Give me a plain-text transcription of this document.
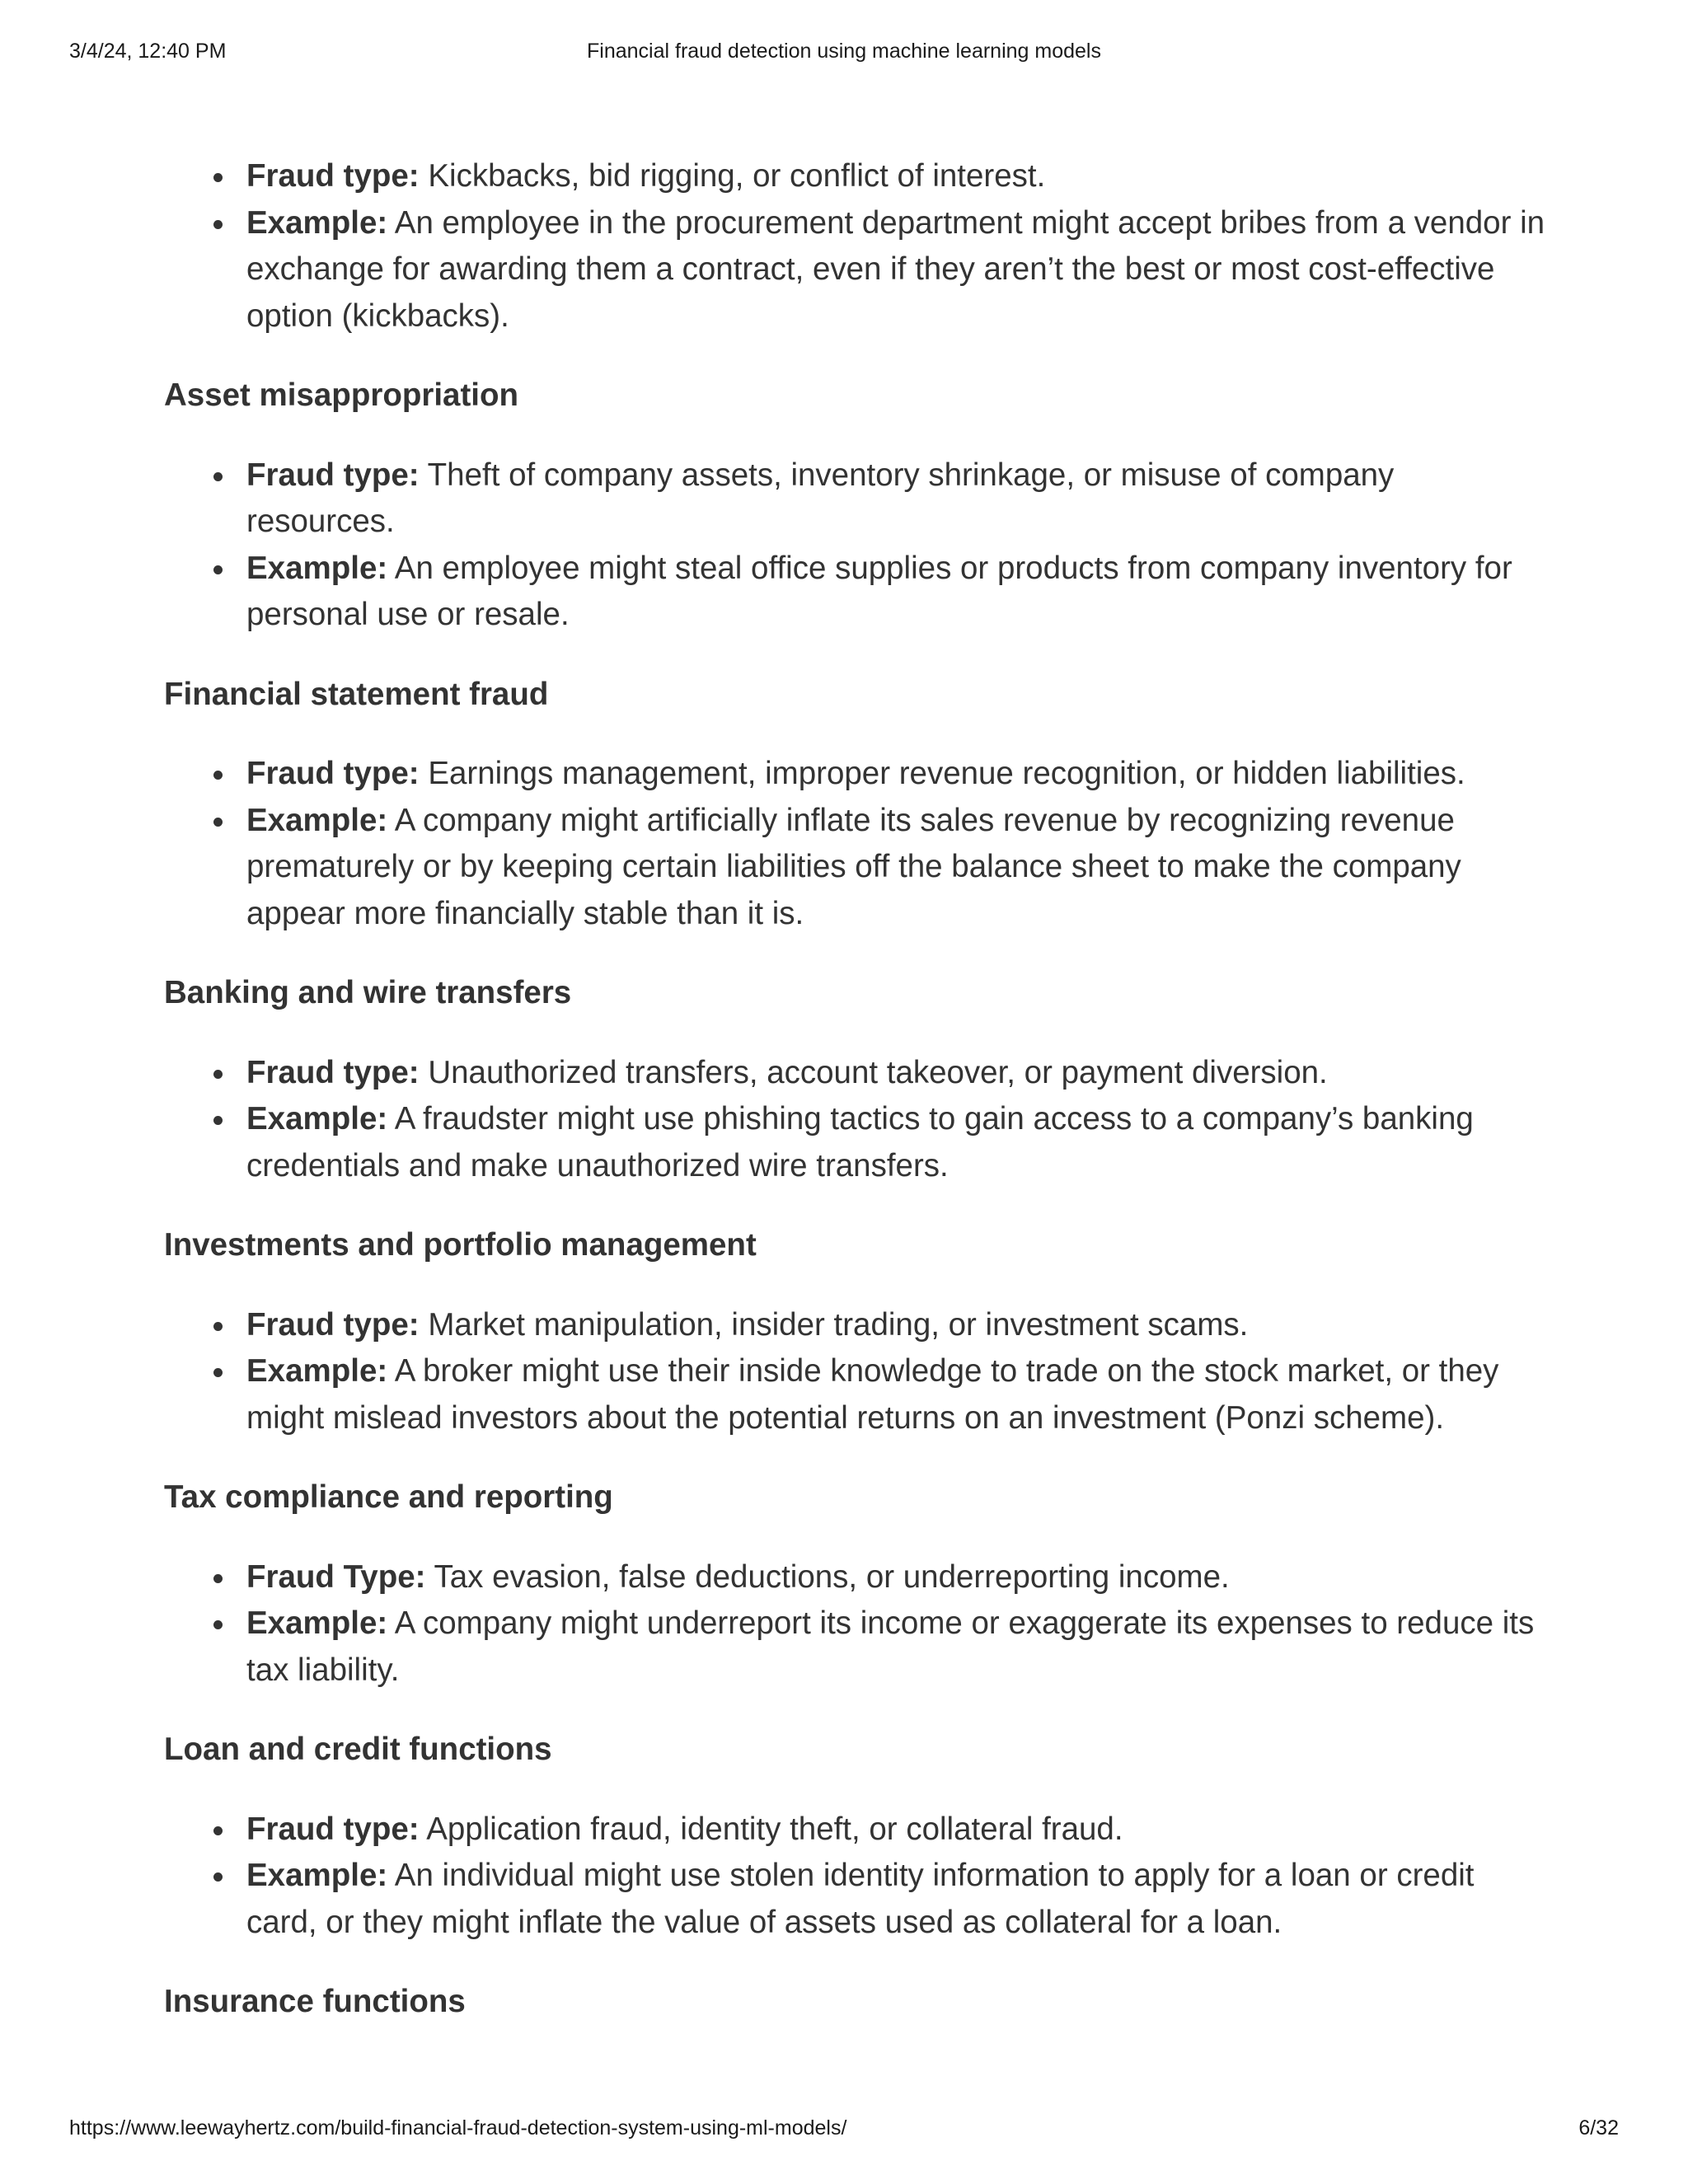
3/4/24, 12:40 PM	Financial fraud detection using machine learning models
Fraud type: Kickbacks, bid rigging, or conflict of interest.
Example: An employee in the procurement department might accept bribes from a vendor in exchange for awarding them a contract, even if they aren’t the best or most cost-effective option (kickbacks).
Asset misappropriation
Fraud type: Theft of company assets, inventory shrinkage, or misuse of company resources.
Example: An employee might steal office supplies or products from company inventory for personal use or resale.
Financial statement fraud
Fraud type: Earnings management, improper revenue recognition, or hidden liabilities.
Example: A company might artificially inflate its sales revenue by recognizing revenue prematurely or by keeping certain liabilities off the balance sheet to make the company appear more financially stable than it is.
Banking and wire transfers
Fraud type: Unauthorized transfers, account takeover, or payment diversion.
Example: A fraudster might use phishing tactics to gain access to a company’s banking credentials and make unauthorized wire transfers.
Investments and portfolio management
Fraud type: Market manipulation, insider trading, or investment scams.
Example: A broker might use their inside knowledge to trade on the stock market, or they might mislead investors about the potential returns on an investment (Ponzi scheme).
Tax compliance and reporting
Fraud Type: Tax evasion, false deductions, or underreporting income.
Example: A company might underreport its income or exaggerate its expenses to reduce its tax liability.
Loan and credit functions
Fraud type: Application fraud, identity theft, or collateral fraud.
Example: An individual might use stolen identity information to apply for a loan or credit card, or they might inflate the value of assets used as collateral for a loan.
Insurance functions
https://www.leewayhertz.com/build-financial-fraud-detection-system-using-ml-models/	6/32
